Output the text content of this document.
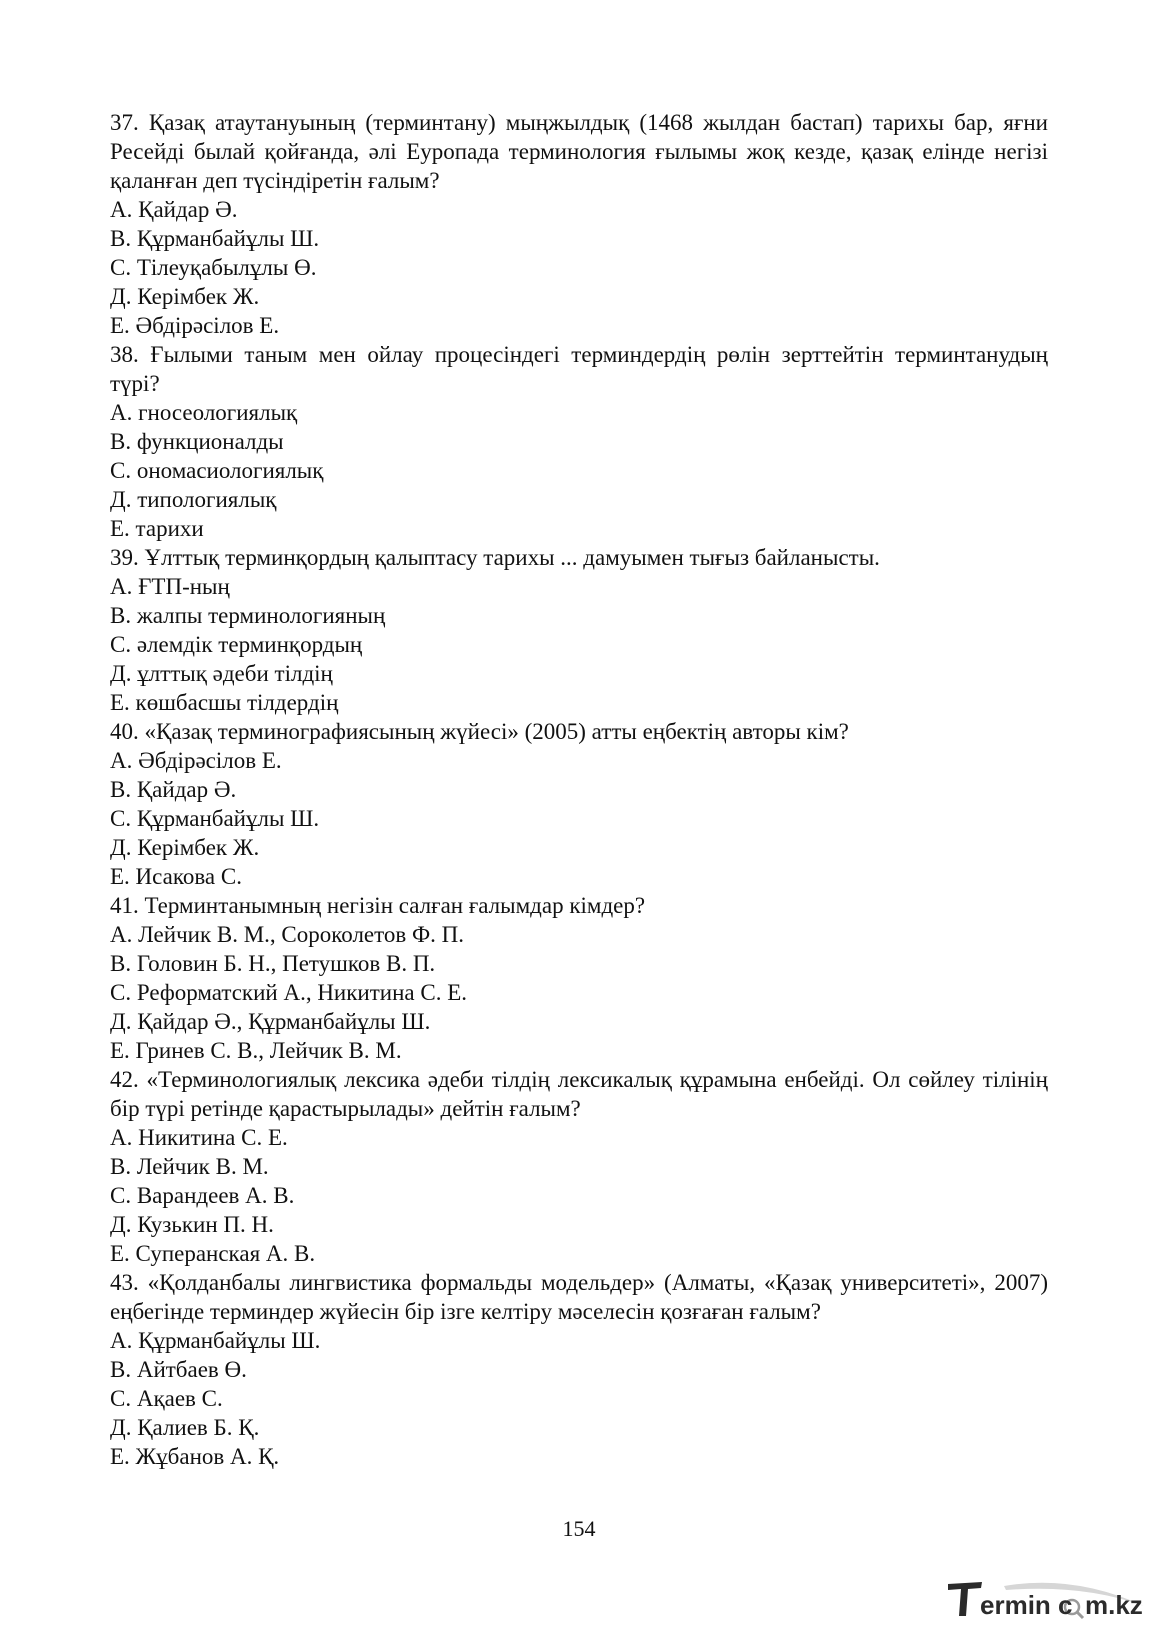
37. Қазақ атаутануының (терминтану) мыңжылдық (1468 жылдан бастап) тарихы бар, яғни Ресейді былай қойғанда, әлі Еуропада терминология ғылымы жоқ кезде, қазақ елінде негізі қаланған деп түсіндіретін ғалым?
A. Қайдар Ә.
B. Құрманбайұлы Ш.
C. Тілеуқабылұлы Ө.
Д. Керімбек Ж.
E. Әбдірәсілов Е.
38. Ғылыми таным мен ойлау процесіндегі терминдердің рөлін зерттейтін терминтанудың түрі?
A. гносеологиялық
B. функционалды
C. ономасиологиялық
Д. типологиялық
E. тарихи
39. Ұлттық терминқордың қалыптасу тарихы ... дамуымен тығыз байланысты.
A. ҒТП-ның
B. жалпы терминологияның
C. әлемдік терминқордың
Д. ұлттық әдеби тілдің
E. көшбасшы тілдердің
40. «Қазақ терминографиясының жүйесі» (2005) атты еңбектің авторы кім?
A. Әбдірәсілов Е.
B. Қайдар Ә.
C. Құрманбайұлы Ш.
Д. Керімбек Ж.
E. Исакова С.
41. Терминтанымның негізін салған ғалымдар кімдер?
A. Лейчик В. М., Сороколетов Ф. П.
B. Головин Б. Н., Петушков В. П.
C. Реформатский А., Никитина С. Е.
Д. Қайдар Ә., Құрманбайұлы Ш.
E. Гринев С. В., Лейчик В. М.
42. «Терминологиялық лексика әдеби тілдің лексикалық құрамына енбейді. Ол сөйлеу тілінің бір түрі ретінде қарастырылады» дейтін ғалым?
A. Никитина С. Е.
B. Лейчик В. М.
C. Варандеев А. В.
Д. Кузькин П. Н.
E. Суперанская А. В.
43. «Қолданбалы лингвистика формальды модельдер» (Алматы, «Қазақ университеті», 2007) еңбегінде терминдер жүйесін бір ізге келтіру мәселесін қозғаған ғалым?
A. Құрманбайұлы Ш.
B. Айтбаев Ө.
C. Ақаев С.
Д. Қалиев Б. Қ.
E. Жұбанов А. Қ.
154
ermin c m.kz
